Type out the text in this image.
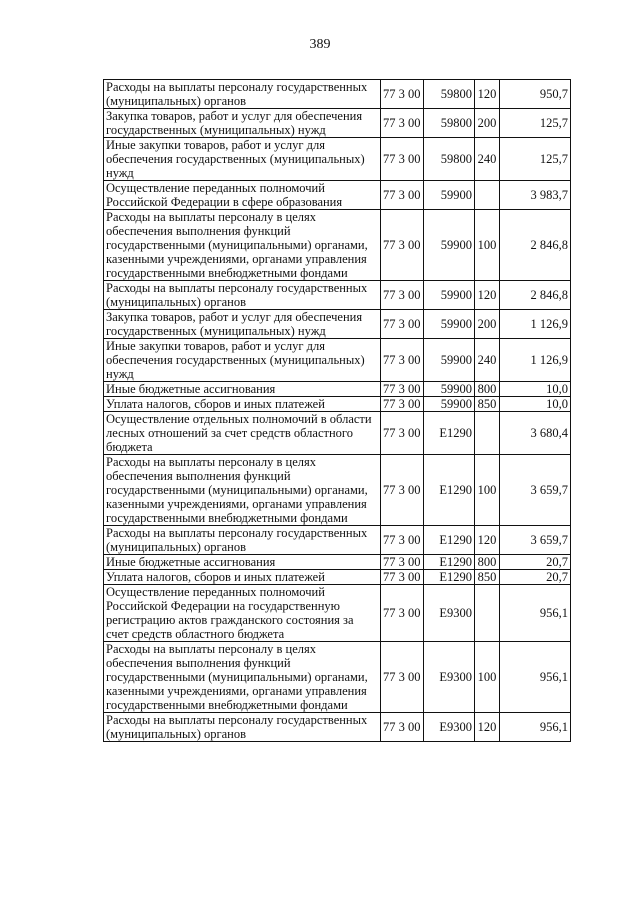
389
Расходы на выплаты персоналу государственных (муниципальных) органов	77 3 00	59800	120	950,7
Закупка товаров, работ и услуг для обеспечения государственных (муниципальных) нужд	77 3 00	59800	200	125,7
Иные закупки товаров, работ и услуг для обеспечения государственных (муниципальных) нужд	77 3 00	59800	240	125,7
Осуществление переданных полномочий Российской Федерации в сфере образования	77 3 00	59900		3 983,7
Расходы на выплаты персоналу в целях обеспечения выполнения функций государственными (муниципальными) органами, казенными учреждениями, органами управления государственными внебюджетными фондами	77 3 00	59900	100	2 846,8
Расходы на выплаты персоналу государственных (муниципальных) органов	77 3 00	59900	120	2 846,8
Закупка товаров, работ и услуг для обеспечения государственных (муниципальных) нужд	77 3 00	59900	200	1 126,9
Иные закупки товаров, работ и услуг для обеспечения государственных (муниципальных) нужд	77 3 00	59900	240	1 126,9
Иные бюджетные ассигнования	77 3 00	59900	800	10,0
Уплата налогов, сборов и иных платежей	77 3 00	59900	850	10,0
Осуществление отдельных полномочий в области лесных отношений за счет средств областного бюджета	77 3 00	Е1290		3 680,4
Расходы на выплаты персоналу в целях обеспечения выполнения функций государственными (муниципальными) органами, казенными учреждениями, органами управления государственными внебюджетными фондами	77 3 00	Е1290	100	3 659,7
Расходы на выплаты персоналу государственных (муниципальных) органов	77 3 00	Е1290	120	3 659,7
Иные бюджетные ассигнования	77 3 00	Е1290	800	20,7
Уплата налогов, сборов и иных платежей	77 3 00	Е1290	850	20,7
Осуществление переданных полномочий Российской Федерации на государственную регистрацию актов гражданского состояния за счет средств областного бюджета	77 3 00	Е9300		956,1
Расходы на выплаты персоналу в целях обеспечения выполнения функций государственными (муниципальными) органами, казенными учреждениями, органами управления государственными внебюджетными фондами	77 3 00	Е9300	100	956,1
Расходы на выплаты персоналу государственных (муниципальных) органов	77 3 00	Е9300	120	956,1
